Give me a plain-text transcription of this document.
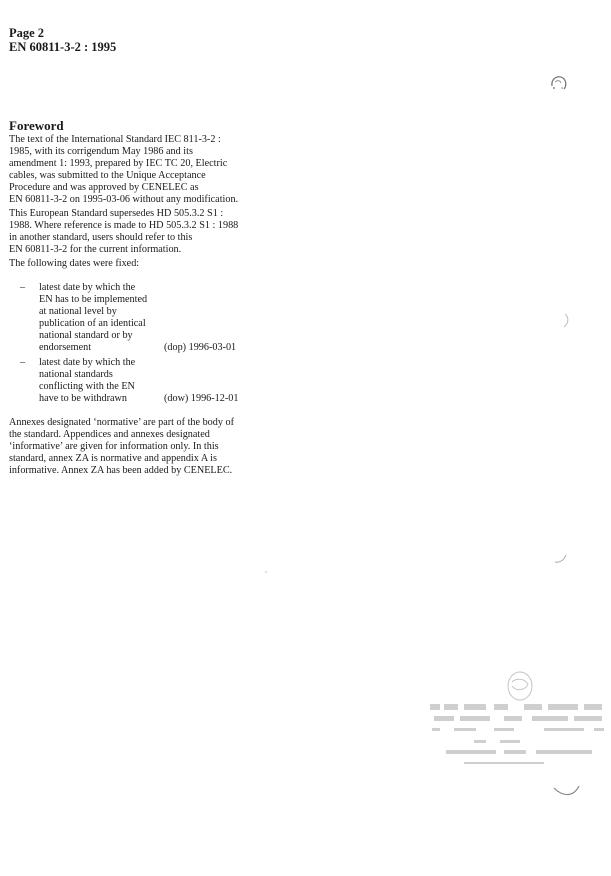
Page 2
EN 60811-3-2 : 1995
Foreword

The text of the International Standard IEC 811-3-2 :
1985, with its corrigendum May 1986 and its
amendment 1: 1993, prepared by IEC TC 20, Electric
cables, was submitted to the Unique Acceptance
Procedure and was approved by CENELEC as
EN 60811-3-2 on 1995-03-06 without any modification.

This European Standard supersedes HD 505.3.2 S1 :
1988. Where reference is made to HD 505.3.2 S1 : 1988
in another standard, users should refer to this
EN 60811-3-2 for the current information.

The following dates were fixed:

– latest date by which the
EN has to be implemented
at national level by
publication of an identical
national standard or by
endorsement	(dop) 1996-03-01
– latest date by which the
national standards
conflicting with the EN
have to be withdrawn	(dow) 1996-12-01

Annexes designated ‘normative’ are part of the body of
the standard. Appendices and annexes designated
‘informative’ are given for information only. In this
standard, annex ZA is normative and appendix A is
informative. Annex ZA has been added by CENELEC.
